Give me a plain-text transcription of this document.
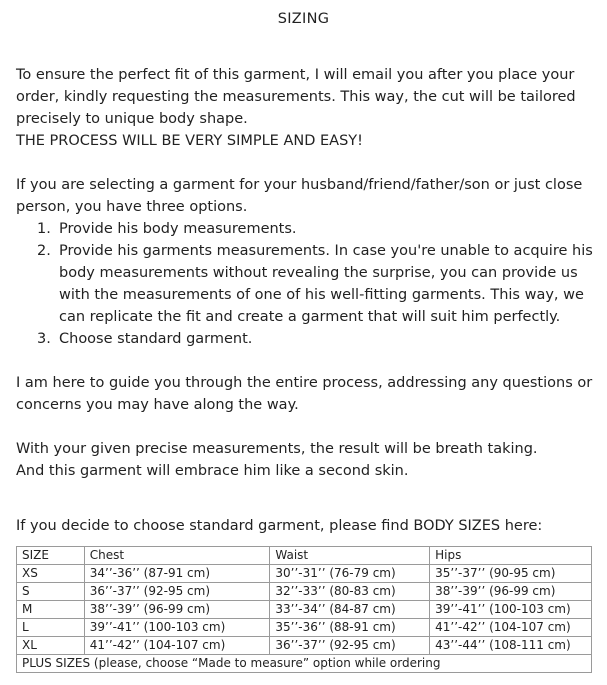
SIZING

To ensure the perfect fit of this garment, I will email you after you place your

order, kindly requesting the measurements. This way, the cut will be tailored

precisely to unique body shape.

THE PROCESS WILL BE VERY SIMPLE AND EASY!

If you are selecting a garment for your husband/friend/father/son or just close

person, you have three options.

1. Provide his body measurements.
2. Provide his garments measurements. In case you're unable to acquire his
body measurements without revealing the surprise, you can provide us
with the measurements of one of his well-fitting garments. This way, we
can replicate the fit and create a garment that will suit him perfectly.
3. Choose standard garment.

I am here to guide you through the entire process, addressing any questions or

concerns you may have along the way.

With your given precise measurements, the result will be breath taking.

And this garment will embrace him like a second skin.

If you decide to choose standard garment, please find BODY SIZES here:

SIZE	Chest	Waist	Hips
XS	34’’-36’’ (87-91 cm)	30’’-31’’ (76-79 cm)	35’’-37’’ (90-95 cm)
S	36’’-37’’ (92-95 cm)	32’’-33’’ (80-83 cm)	38’’-39’’ (96-99 cm)
M	38’’-39’’ (96-99 cm)	33’’-34’’ (84-87 cm)	39’’-41’’ (100-103 cm)
L	39’’-41’’ (100-103 cm)	35’’-36’’ (88-91 cm)	41’’-42’’ (104-107 cm)
XL	41’’-42’’ (104-107 cm)	36’’-37’’ (92-95 cm)	43’’-44’’ (108-111 cm)
PLUS SIZES (please, choose “Made to measure” option while ordering			
